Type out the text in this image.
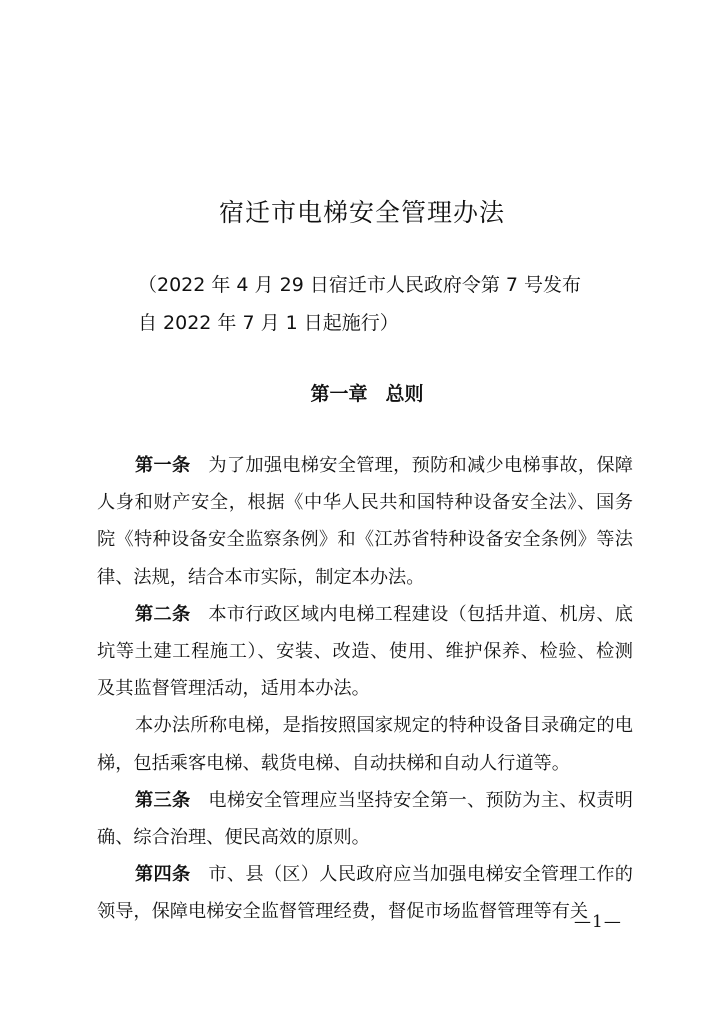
宿迁市电梯安全管理办法
（2022 年 4 月 29 日宿迁市人民政府令第 7 号发布
自 2022 年 7 月 1 日起施行）
第一章 总则

第一条 为了加强电梯安全管理，预防和减少电梯事故，保障人身和财产安全，根据《中华人民共和国特种设备安全法》、国务院《特种设备安全监察条例》和《江苏省特种设备安全条例》等法律、法规，结合本市实际，制定本办法。

第二条 本市行政区域内电梯工程建设（包括井道、机房、底坑等土建工程施工）、安装、改造、使用、维护保养、检验、检测及其监督管理活动，适用本办法。

本办法所称电梯，是指按照国家规定的特种设备目录确定的电梯，包括乘客电梯、载货电梯、自动扶梯和自动人行道等。

第三条 电梯安全管理应当坚持安全第一、预防为主、权责明确、综合治理、便民高效的原则。

第四条 市、县（区）人民政府应当加强电梯安全管理工作的领导，保障电梯安全监督管理经费，督促市场监督管理等有关

—1—
